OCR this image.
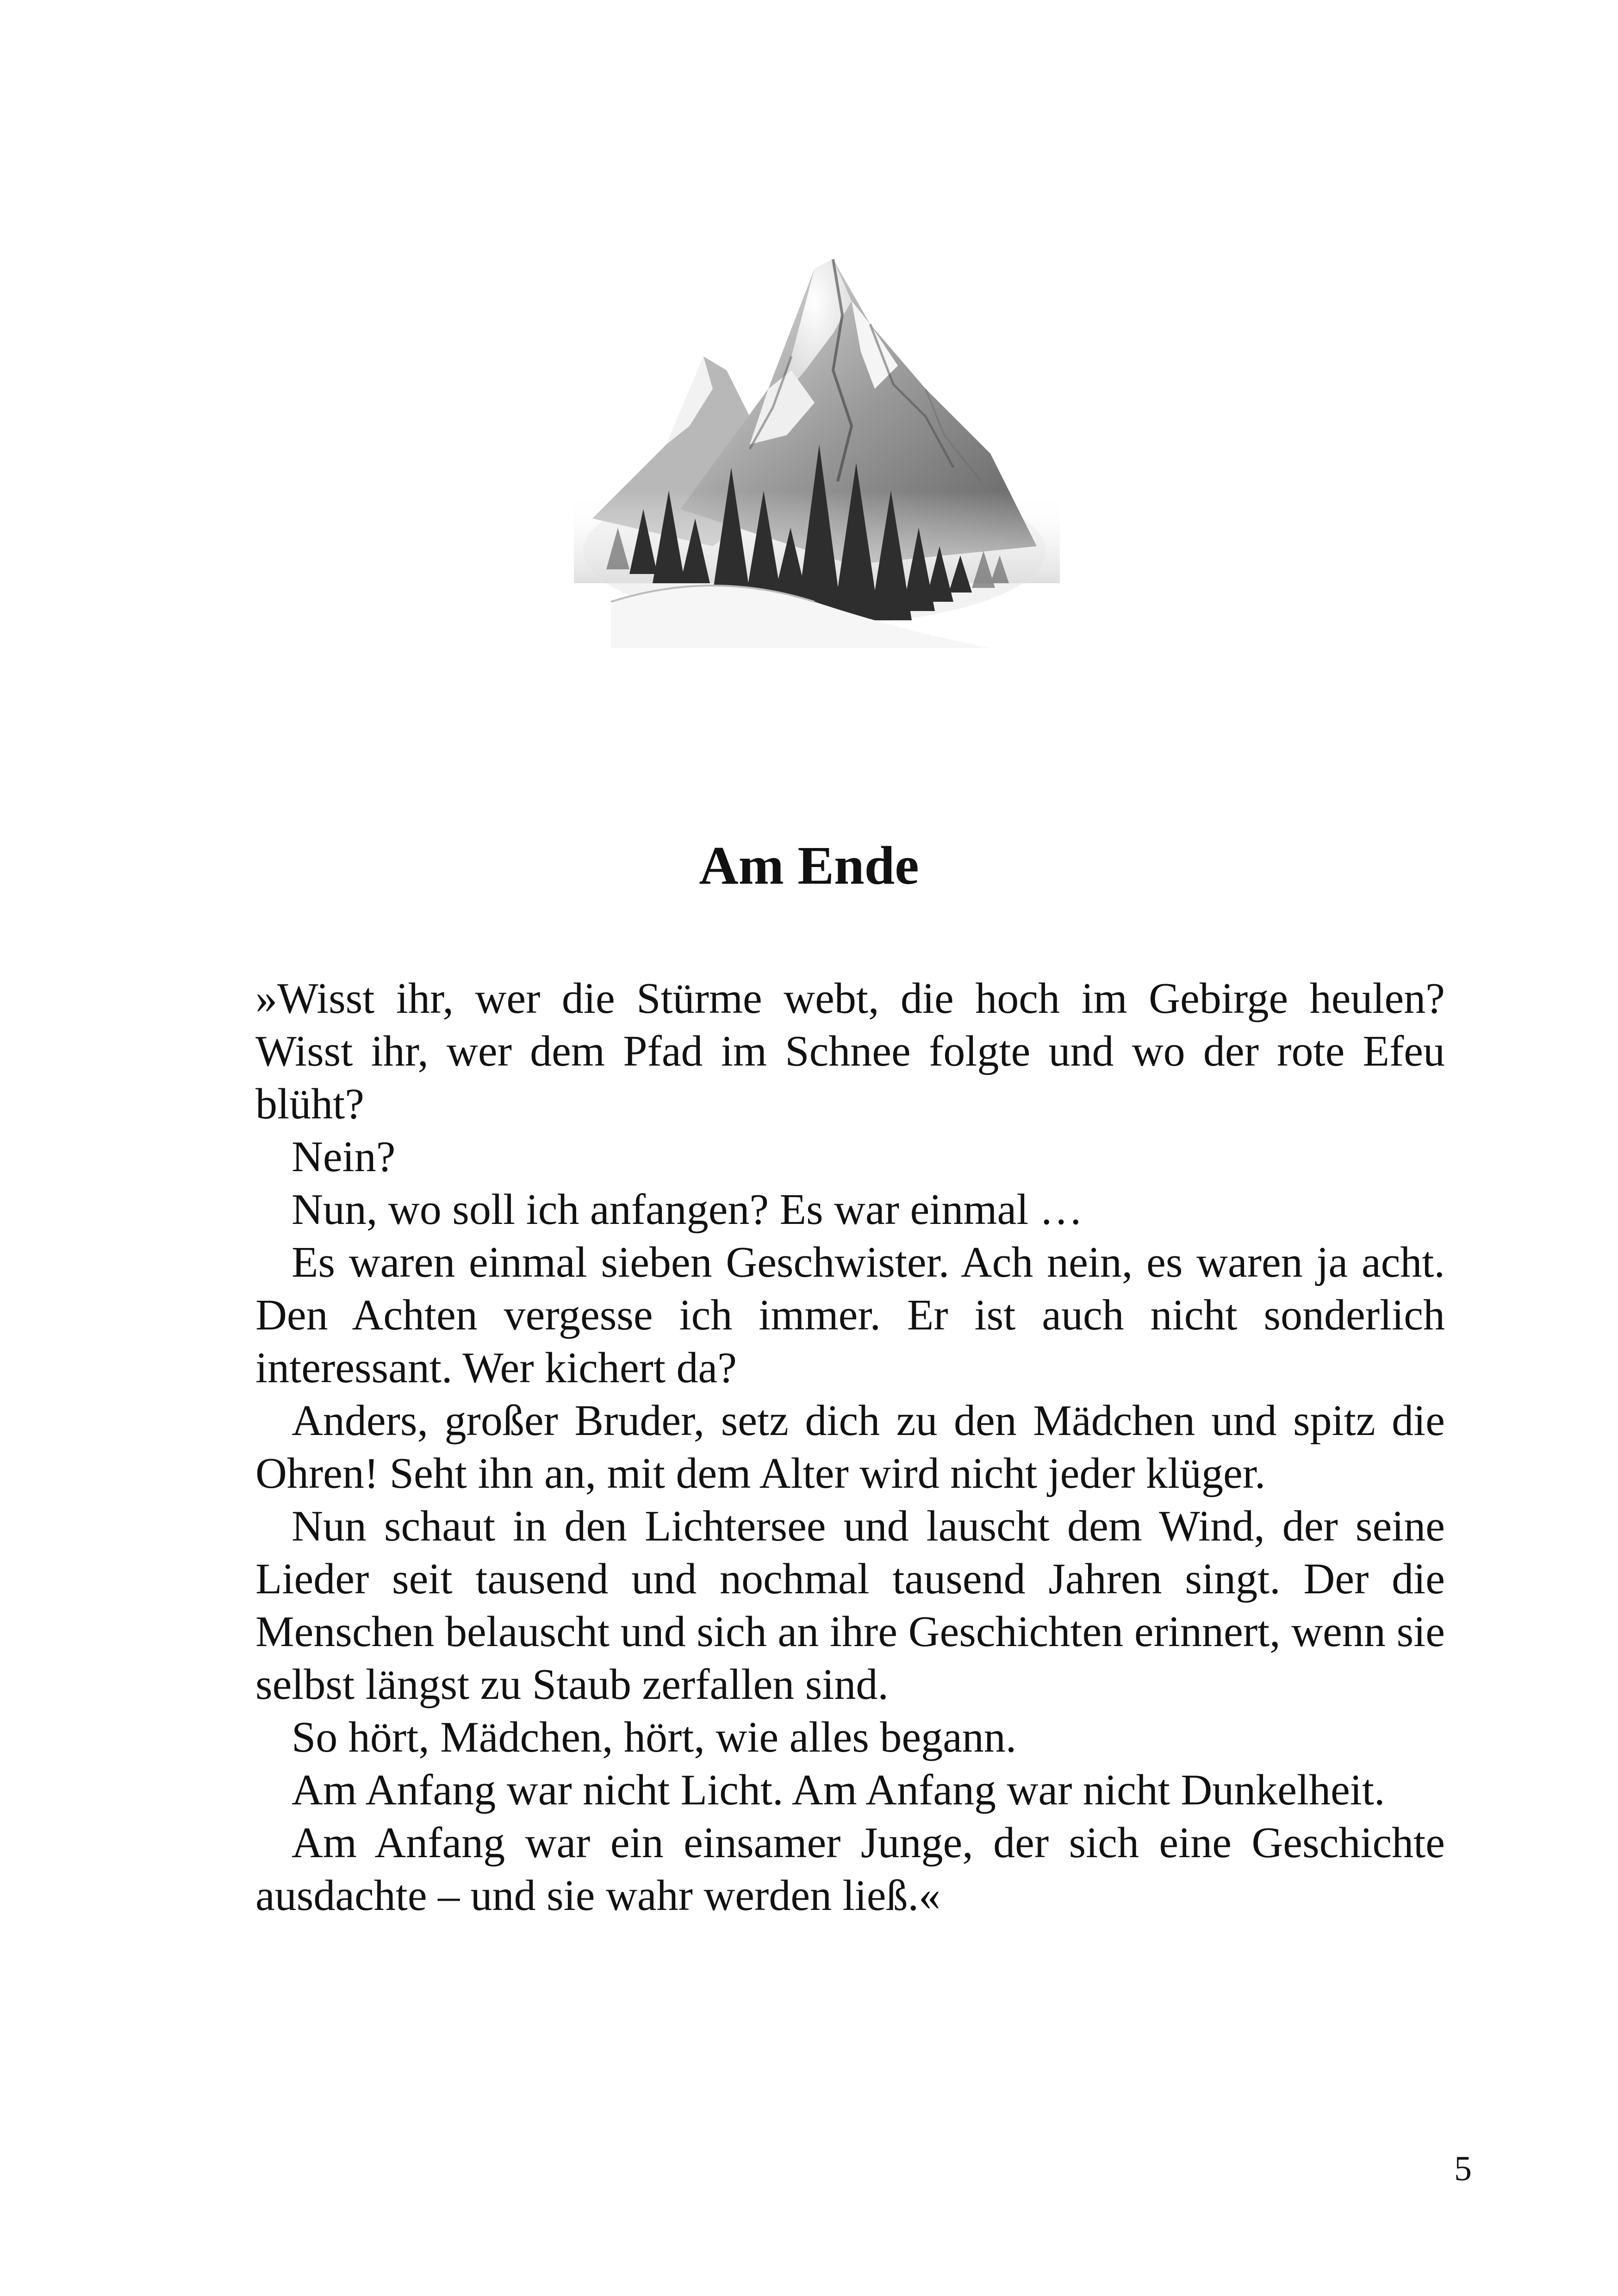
Am Ende

»Wisst ihr, wer die Stürme webt, die hoch im Gebirge heulen? Wisst ihr, wer dem Pfad im Schnee folgte und wo der rote Efeu blüht?

Nein?

Nun, wo soll ich anfangen? Es war einmal …

Es waren einmal sieben Geschwister. Ach nein, es waren ja acht. Den Achten vergesse ich immer. Er ist auch nicht sonderlich interessant. Wer kichert da?

Anders, großer Bruder, setz dich zu den Mädchen und spitz die Ohren! Seht ihn an, mit dem Alter wird nicht jeder klüger.

Nun schaut in den Lichtersee und lauscht dem Wind, der seine Lieder seit tausend und nochmal tausend Jahren singt. Der die Menschen belauscht und sich an ihre Geschichten erinnert, wenn sie selbst längst zu Staub zerfallen sind.

So hört, Mädchen, hört, wie alles begann.

Am Anfang war nicht Licht. Am Anfang war nicht Dunkelheit.

Am Anfang war ein einsamer Junge, der sich eine Geschichte ausdachte – und sie wahr werden ließ.«

5
